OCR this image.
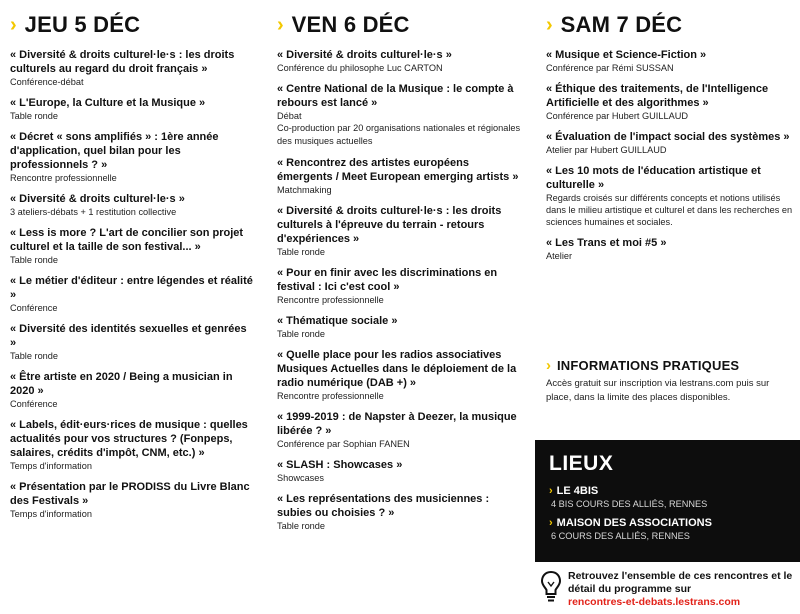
› JEU 5 DÉC
« Diversité & droits culturel·le·s : les droits culturels au regard du droit français »
Conférence-débat
« L'Europe, la Culture et la Musique »
Table ronde
« Décret « sons amplifiés » : 1ère année d'application, quel bilan pour les professionnels ? »
Rencontre professionnelle
« Diversité & droits culturel·le·s »
3 ateliers-débats + 1 restitution collective
« Less is more ? L'art de concilier son projet culturel et la taille de son festival... »
Table ronde
« Le métier d'éditeur : entre légendes et réalité »
Conférence
« Diversité des identités sexuelles et genrées »
Table ronde
« Être artiste en 2020 / Being a musician in 2020 »
Conférence
« Labels, édit·eurs·rices de musique : quelles actualités pour vos structures ? (Fonpeps, salaires, crédits d'impôt, CNM, etc.) »
Temps d'information
« Présentation par le PRODISS du Livre Blanc des Festivals »
Temps d'information
› VEN 6 DÉC
« Diversité & droits culturel·le·s »
Conférence du philosophe Luc CARTON
« Centre National de la Musique : le compte à rebours est lancé »
Débat
Co-production par 20 organisations nationales et régionales des musiques actuelles
« Rencontrez des artistes européens émergents / Meet European emerging artists »
Matchmaking
« Diversité & droits culturel·le·s : les droits culturels à l'épreuve du terrain - retours d'expériences »
Table ronde
« Pour en finir avec les discriminations en festival : Ici c'est cool »
Rencontre professionnelle
« Thématique sociale »
Table ronde
« Quelle place pour les radios associatives Musiques Actuelles dans le déploiement de la radio numérique (DAB +) »
Rencontre professionnelle
« 1999-2019 : de Napster à Deezer, la musique libérée ? »
Conférence par Sophian FANEN
« SLASH : Showcases »
Showcases
« Les représentations des musiciennes : subies ou choisies ? »
Table ronde
› SAM 7 DÉC
« Musique et Science-Fiction »
Conférence par Rémi SUSSAN
« Éthique des traitements, de l'Intelligence Artificielle et des algorithmes »
Conférence par Hubert GUILLAUD
« Évaluation de l'impact social des systèmes »
Atelier par Hubert GUILLAUD
« Les 10 mots de l'éducation artistique et culturelle »
Regards croisés sur différents concepts et notions utilisés dans le milieu artistique et culturel et dans les recherches en sciences humaines et sociales.
« Les Trans et moi #5 »
Atelier
› INFORMATIONS PRATIQUES
Accès gratuit sur inscription via lestrans.com puis sur place, dans la limite des places disponibles.
LIEUX
› LE 4BIS
4 BIS COURS DES ALLIÉS, RENNES
› MAISON DES ASSOCIATIONS
6 COURS DES ALLIÉS, RENNES
Retrouvez l'ensemble de ces rencontres et le détail du programme sur
rencontres-et-debats.lestrans.com
